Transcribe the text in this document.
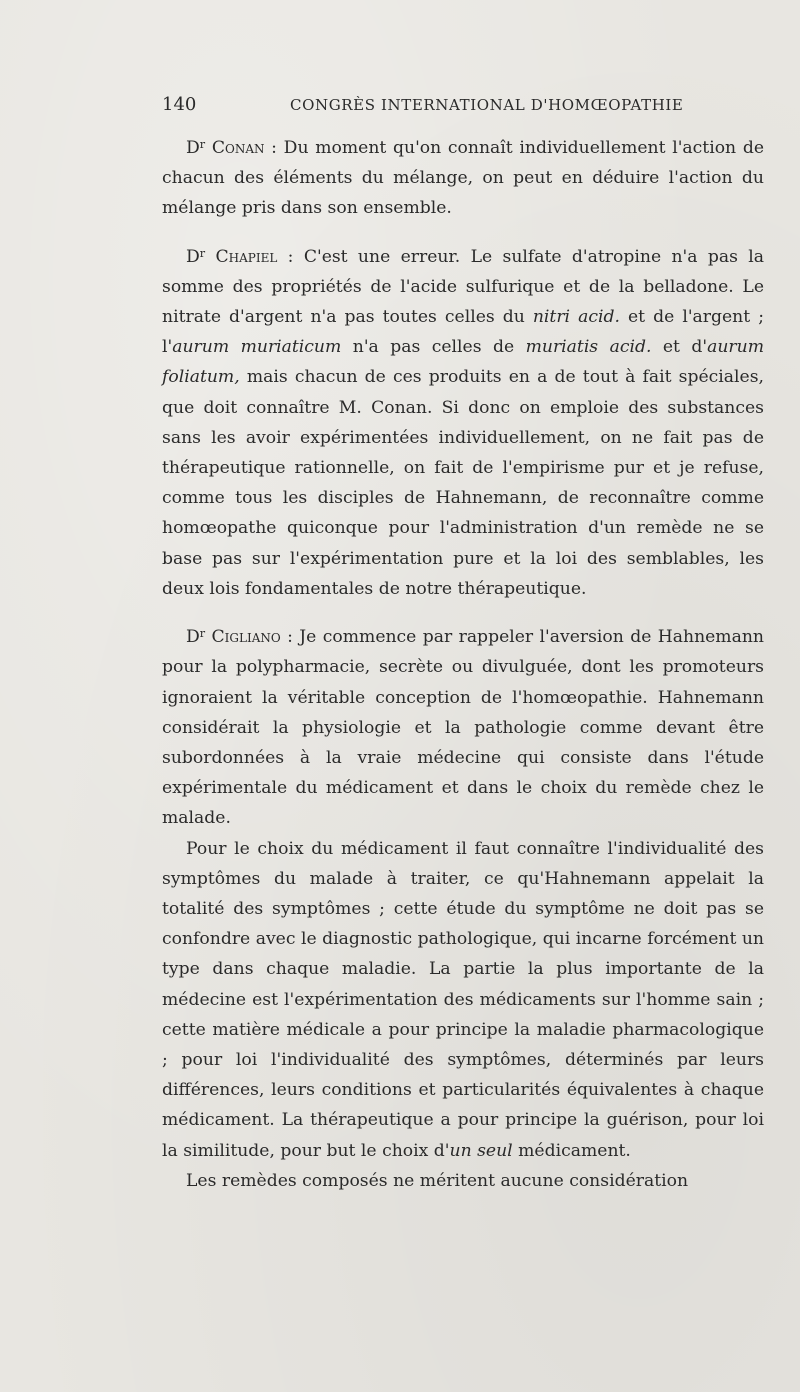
140	CONGRÈS INTERNATIONAL D'HOMŒOPATHIE

$D^r$ Conan : Du moment qu'on connaît individuellement l'action de chacun des éléments du mélange, on peut en déduire l'action du mélange pris dans son ensemble.

$D^r$ Chapiel : C'est une erreur. Le sulfate d'atropine n'a pas la somme des propriétés de l'acide sulfurique et de la belladone. Le nitrate d'argent n'a pas toutes celles du nitri acid. et de l'argent ; l'aurum muriaticum n'a pas celles de muriatis acid. et d'aurum foliatum, mais chacun de ces produits en a de tout à fait spéciales, que doit connaître M. Conan. Si donc on emploie des substances sans les avoir expérimentées individuellement, on ne fait pas de thérapeutique rationnelle, on fait de l'empirisme pur et je refuse, comme tous les disciples de Hahnemann, de reconnaître comme homœopathe quiconque pour l'administration d'un remède ne se base pas sur l'expérimentation pure et la loi des semblables, les deux lois fondamentales de notre thérapeutique.

$D^r$ Cigliano : Je commence par rappeler l'aversion de Hahnemann pour la polypharmacie, secrète ou divulguée, dont les promoteurs ignoraient la véritable conception de l'homœopathie. Hahnemann considérait la physiologie et la pathologie comme devant être subordonnées à la vraie médecine qui consiste dans l'étude expérimentale du médicament et dans le choix du remède chez le malade.

Pour le choix du médicament il faut connaître l'individualité des symptômes du malade à traiter, ce qu'Hahnemann appelait la totalité des symptômes ; cette étude du symptôme ne doit pas se confondre avec le diagnostic pathologique, qui incarne forcément un type dans chaque maladie. La partie la plus importante de la médecine est l'expérimentation des médicaments sur l'homme sain ; cette matière médicale a pour principe la maladie pharmacologique ; pour loi l'individualité des symptômes, déterminés par leurs différences, leurs conditions et particularités équivalentes à chaque médicament. La thérapeutique a pour principe la guérison, pour loi la similitude, pour but le choix d'un seul médicament.

Les remèdes composés ne méritent aucune considération
